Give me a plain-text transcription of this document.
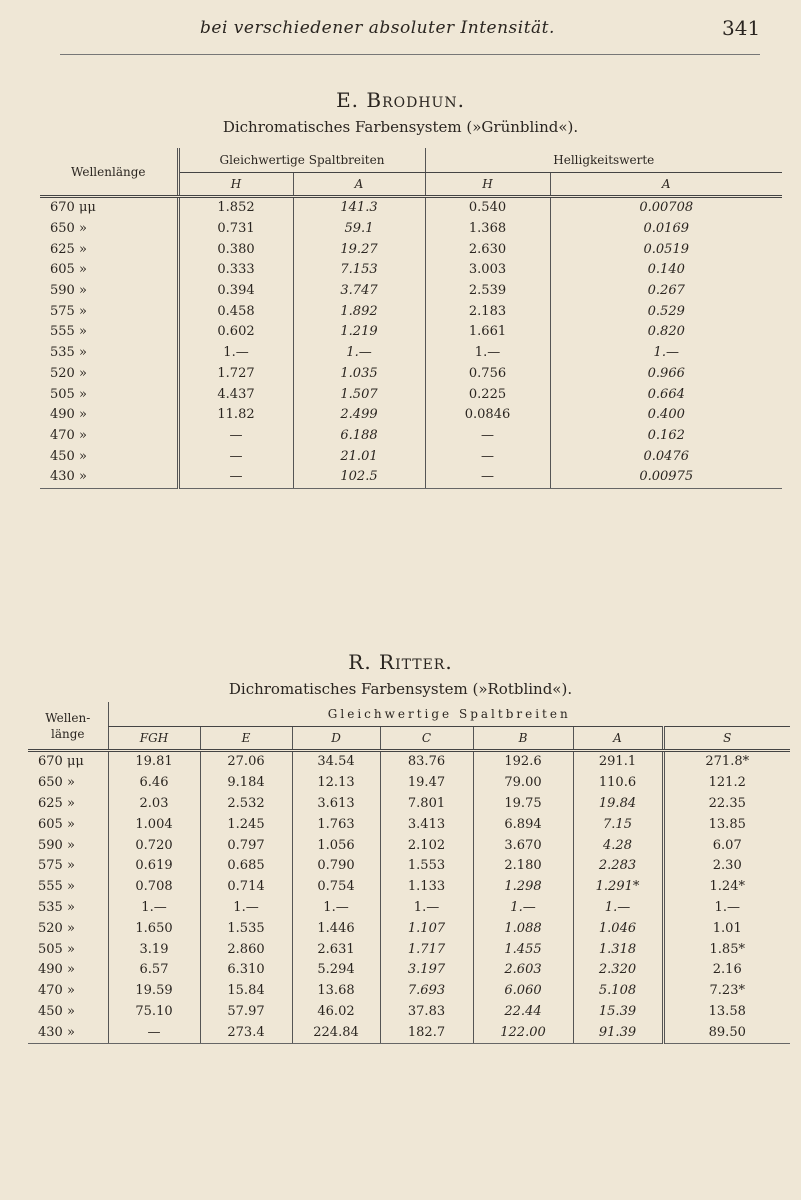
bei verschiedener absoluter Intensität.	341
E. Brodhun.
Dichromatisches Farbensystem (»Grünblind«).
Wellenlänge	Gleichwertige Spaltbreiten		Helligkeitswerte	
	H	A	H	A
670 μμ	1.852	141.3	0.540	0.00708
650 »	0.731	59.1	1.368	0.0169
625 »	0.380	19.27	2.630	0.0519
605 »	0.333	7.153	3.003	0.140
590 »	0.394	3.747	2.539	0.267
575 »	0.458	1.892	2.183	0.529
555 »	0.602	1.219	1.661	0.820
535 »	1.—	1.—	1.—	1.—
520 »	1.727	1.035	0.756	0.966
505 »	4.437	1.507	0.225	0.664
490 »	11.82	2.499	0.0846	0.400
470 »	—	6.188	—	0.162
450 »	—	21.01	—	0.0476
430 »	—	102.5	—	0.00975
R. Ritter.
Dichromatisches Farbensystem (»Rotblind«).
Wellen-
länge	Gleichwertige Spaltbreiten						
	FGH	E	D	C	B	A	S
670 μμ	19.81	27.06	34.54	83.76	192.6	291.1	271.8*
650 »	6.46	9.184	12.13	19.47	79.00	110.6	121.2
625 »	2.03	2.532	3.613	7.801	19.75	19.84	22.35
605 »	1.004	1.245	1.763	3.413	6.894	7.15	13.85
590 »	0.720	0.797	1.056	2.102	3.670	4.28	6.07
575 »	0.619	0.685	0.790	1.553	2.180	2.283	2.30
555 »	0.708	0.714	0.754	1.133	1.298	1.291*	1.24*
535 »	1.—	1.—	1.—	1.—	1.—	1.—	1.—
520 »	1.650	1.535	1.446	1.107	1.088	1.046	1.01
505 »	3.19	2.860	2.631	1.717	1.455	1.318	1.85*
490 »	6.57	6.310	5.294	3.197	2.603	2.320	2.16
470 »	19.59	15.84	13.68	7.693	6.060	5.108	7.23*
450 »	75.10	57.97	46.02	37.83	22.44	15.39	13.58
430 »	—	273.4	224.84	182.7	122.00	91.39	89.50
